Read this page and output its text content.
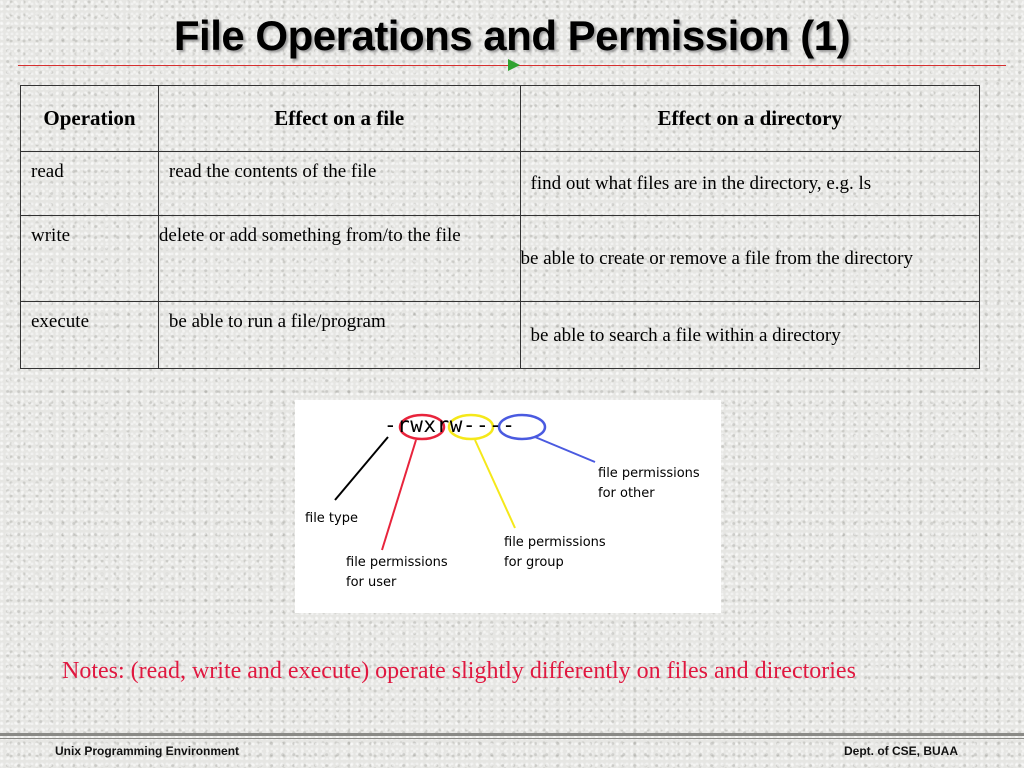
File Operations and Permission (1)
Operation	Effect on a file	Effect on a directory
read	read the contents of the file	find out what files are in the directory, e.g. ls
write	delete or add something from/to the file	be able to create or remove a file from the directory
execute	be able to run a file/program	be able to search a file within a directory
-rwxrw----
file type
file permissions
for user
file permissions
for group
file permissions
for other
Notes: (read, write and execute) operate slightly differently on files and directories
Unix Programming Environment	Dept. of CSE, BUAA
